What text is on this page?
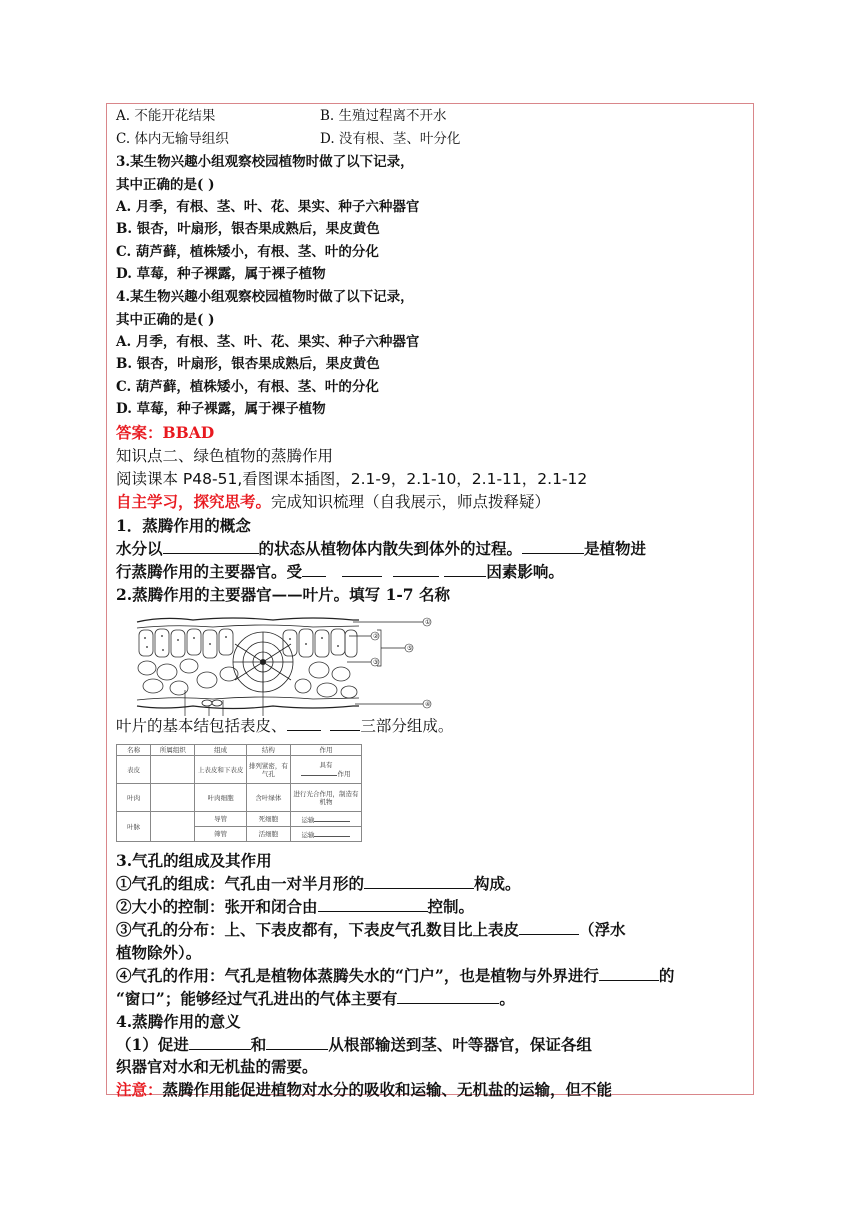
A. 不能开花结果	B. 生殖过程离不开水
C. 体内无输导组织	D. 没有根、茎、叶分化
3.某生物兴趣小组观察校园植物时做了以下记录，
其中正确的是( )
A. 月季，有根、茎、叶、花、果实、种子六种器官
B. 银杏，叶扇形，银杏果成熟后，果皮黄色
C. 葫芦藓，植株矮小，有根、茎、叶的分化
D. 草莓，种子裸露，属于裸子植物
4.某生物兴趣小组观察校园植物时做了以下记录，
其中正确的是( )
A. 月季，有根、茎、叶、花、果实、种子六种器官
B. 银杏，叶扇形，银杏果成熟后，果皮黄色
C. 葫芦藓，植株矮小，有根、茎、叶的分化
D. 草莓，种子裸露，属于裸子植物
答案：BBAD
知识点二、绿色植物的蒸腾作用
阅读课本 P48-51,看图课本插图，2.1-9，2.1-10，2.1-11，2.1-12
自主学习，探究思考。完成知识梳理（自我展示，师点拨释疑）
1．蒸腾作用的概念
水分以	的状态从植物体内散失到体外的过程。	是植物进
行蒸腾作用的主要器官。受	因素影响。
2.蒸腾作用的主要器官——叶片。填写 1-7 名称
①
②
③
⑤
④
叶片的基本结包括表皮、	三部分组成。
名称	所属组织	组成	结构	作用
表皮		上表皮和下表皮	排列紧密，有气孔	具有
作用
叶肉		叶肉细胞	含叶绿体	进行光合作用，制造有机物
叶脉		导管	死细胞	运输
		筛管	活细胞	运输
3.气孔的组成及其作用
①气孔的组成：气孔由一对半月形的	构成。
②大小的控制：张开和闭合由	控制。
③气孔的分布：上、下表皮都有，下表皮气孔数目比上表皮	（浮水
植物除外）。
④气孔的作用：气孔是植物体蒸腾失水的“门户”，也是植物与外界进行	的
“窗口”；能够经过气孔进出的气体主要有	。
4.蒸腾作用的意义
（1）促进	和	从根部输送到茎、叶等器官，保证各组
织器官对水和无机盐的需要。
注意：蒸腾作用能促进植物对水分的吸收和运输、无机盐的运输，但不能
